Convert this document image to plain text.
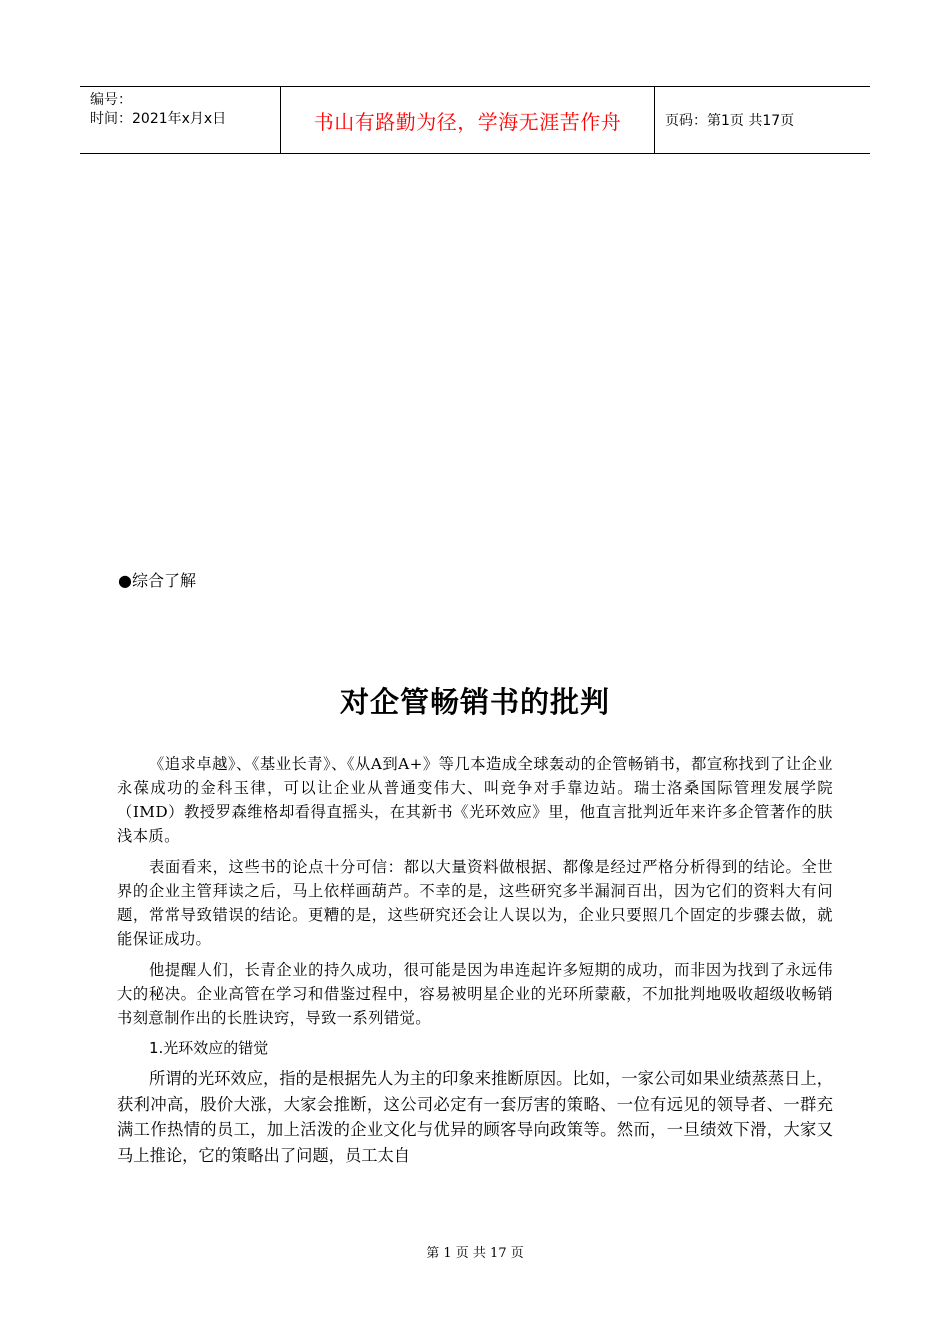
编号：
时间：2021年x月x日	书山有路勤为径，学海无涯苦作舟	页码：第1页 共17页
●综合了解
对企管畅销书的批判

《追求卓越》、《基业长青》、《从A到A+》等几本造成全球轰动的企管畅销书，都宣称找到了让企业永葆成功的金科玉律，可以让企业从普通变伟大、叫竞争对手靠边站。瑞士洛桑国际管理发展学院（IMD）教授罗森维格却看得直摇头，在其新书《光环效应》里，他直言批判近年来许多企管著作的肤浅本质。

表面看来，这些书的论点十分可信：都以大量资料做根据、都像是经过严格分析得到的结论。全世界的企业主管拜读之后，马上依样画葫芦。不幸的是，这些研究多半漏洞百出，因为它们的资料大有问题，常常导致错误的结论。更糟的是，这些研究还会让人误以为，企业只要照几个固定的步骤去做，就能保证成功。

他提醒人们，长青企业的持久成功，很可能是因为串连起许多短期的成功，而非因为找到了永远伟大的秘决。企业高管在学习和借鉴过程中，容易被明星企业的光环所蒙蔽，不加批判地吸收超级收畅销书刻意制作出的长胜诀窍，导致一系列错觉。

1.光环效应的错觉

所谓的光环效应，指的是根据先人为主的印象来推断原因。比如，一家公司如果业绩蒸蒸日上，获利冲高，股价大涨，大家会推断，这公司必定有一套厉害的策略、一位有远见的领导者、一群充满工作热情的员工，加上活泼的企业文化与优异的顾客导向政策等。然而，一旦绩效下滑，大家又马上推论，它的策略出了问题，员工太自

第 1 页 共 17 页
